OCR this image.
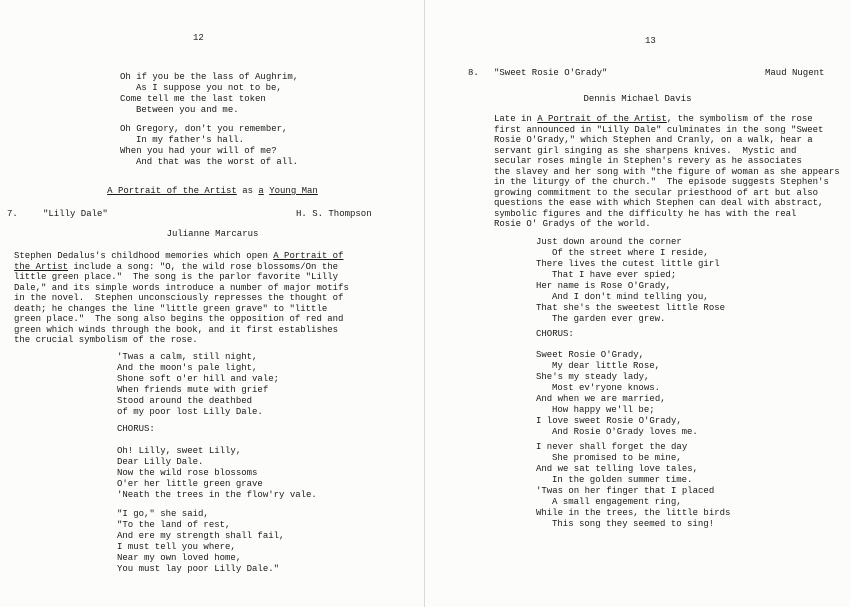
12
Oh if you be the lass of Aughrim,
As I suppose you not to be,
Come tell me the last token
Between you and me.
Oh Gregory, don't you remember,
In my father's hall.
When you had your will of me?
And that was the worst of all.
A Portrait of the Artist as a Young Man
7.	"Lilly Dale"	H. S. Thompson
Julianne Marcarus
Stephen Dedalus's childhood memories which open A Portrait of
the Artist include a song: "O, the wild rose blossoms/On the
little green place."  The song is the parlor favorite "Lilly
Dale," and its simple words introduce a number of major motifs
in the novel.  Stephen unconsciously represses the thought of
death; he changes the line "little green grave" to "little
green place."  The song also begins the opposition of red and
green which winds through the book, and it first establishes
the crucial symbolism of the rose.
'Twas a calm, still night,
And the moon's pale light,
Shone soft o'er hill and vale;
When friends mute with grief
Stood around the deathbed
of my poor lost Lilly Dale.
CHORUS:
Oh! Lilly, sweet Lilly,
Dear Lilly Dale.
Now the wild rose blossoms
O'er her little green grave
'Neath the trees in the flow'ry vale.
"I go," she said,
"To the land of rest,
And ere my strength shall fail,
I must tell you where,
Near my own loved home,
You must lay poor Lilly Dale."
13
8. "Sweet Rosie O'Grady"	Maud Nugent
Dennis Michael Davis
Late in A Portrait of the Artist, the symbolism of the rose
first announced in "Lilly Dale" culminates in the song "Sweet
Rosie O'Grady," which Stephen and Cranly, on a walk, hear a
servant girl singing as she sharpens knives.  Mystic and
secular roses mingle in Stephen's revery as he associates
the slavey and her song with "the figure of woman as she appears
in the liturgy of the church."  The episode suggests Stephen's
growing commitment to the secular priesthood of art but also
questions the ease with which Stephen can deal with abstract,
symbolic figures and the difficulty he has with the real
Rosie O' Gradys of the world.
Just down around the corner
Of the street where I reside,
There lives the cutest little girl
That I have ever spied;
Her name is Rose O'Grady,
And I don't mind telling you,
That she's the sweetest little Rose
The garden ever grew.
CHORUS:
Sweet Rosie O'Grady,
My dear little Rose,
She's my steady lady,
Most ev'ryone knows.
And when we are married,
How happy we'll be;
I love sweet Rosie O'Grady,
And Rosie O'Grady loves me.
I never shall forget the day
She promised to be mine,
And we sat telling love tales,
In the golden summer time.
'Twas on her finger that I placed
A small engagement ring,
While in the trees, the little birds
This song they seemed to sing!
